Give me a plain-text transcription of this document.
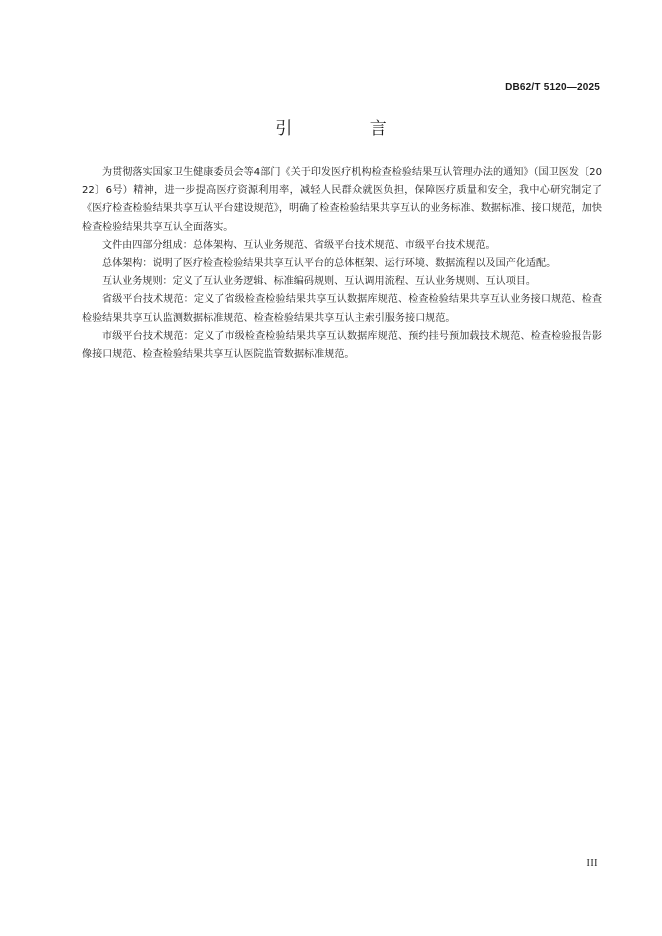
DB62/T 5120—2025
引 言

为贯彻落实国家卫生健康委员会等4部门《关于印发医疗机构检查检验结果互认管理办法的通知》（国卫医发〔2022〕6号）精神，进一步提高医疗资源利用率，减轻人民群众就医负担，保障医疗质量和安全，我中心研究制定了《医疗检查检验结果共享互认平台建设规范》，明确了检查检验结果共享互认的业务标准、数据标准、接口规范，加快检查检验结果共享互认全面落实。

文件由四部分组成：总体架构、互认业务规范、省级平台技术规范、市级平台技术规范。

总体架构：说明了医疗检查检验结果共享互认平台的总体框架、运行环境、数据流程以及国产化适配。

互认业务规则：定义了互认业务逻辑、标准编码规则、互认调用流程、互认业务规则、互认项目。

省级平台技术规范：定义了省级检查检验结果共享互认数据库规范、检查检验结果共享互认业务接口规范、检查检验结果共享互认监测数据标准规范、检查检验结果共享互认主索引服务接口规范。

市级平台技术规范：定义了市级检查检验结果共享互认数据库规范、预约挂号预加载技术规范、检查检验报告影像接口规范、检查检验结果共享互认医院监管数据标准规范。

III
